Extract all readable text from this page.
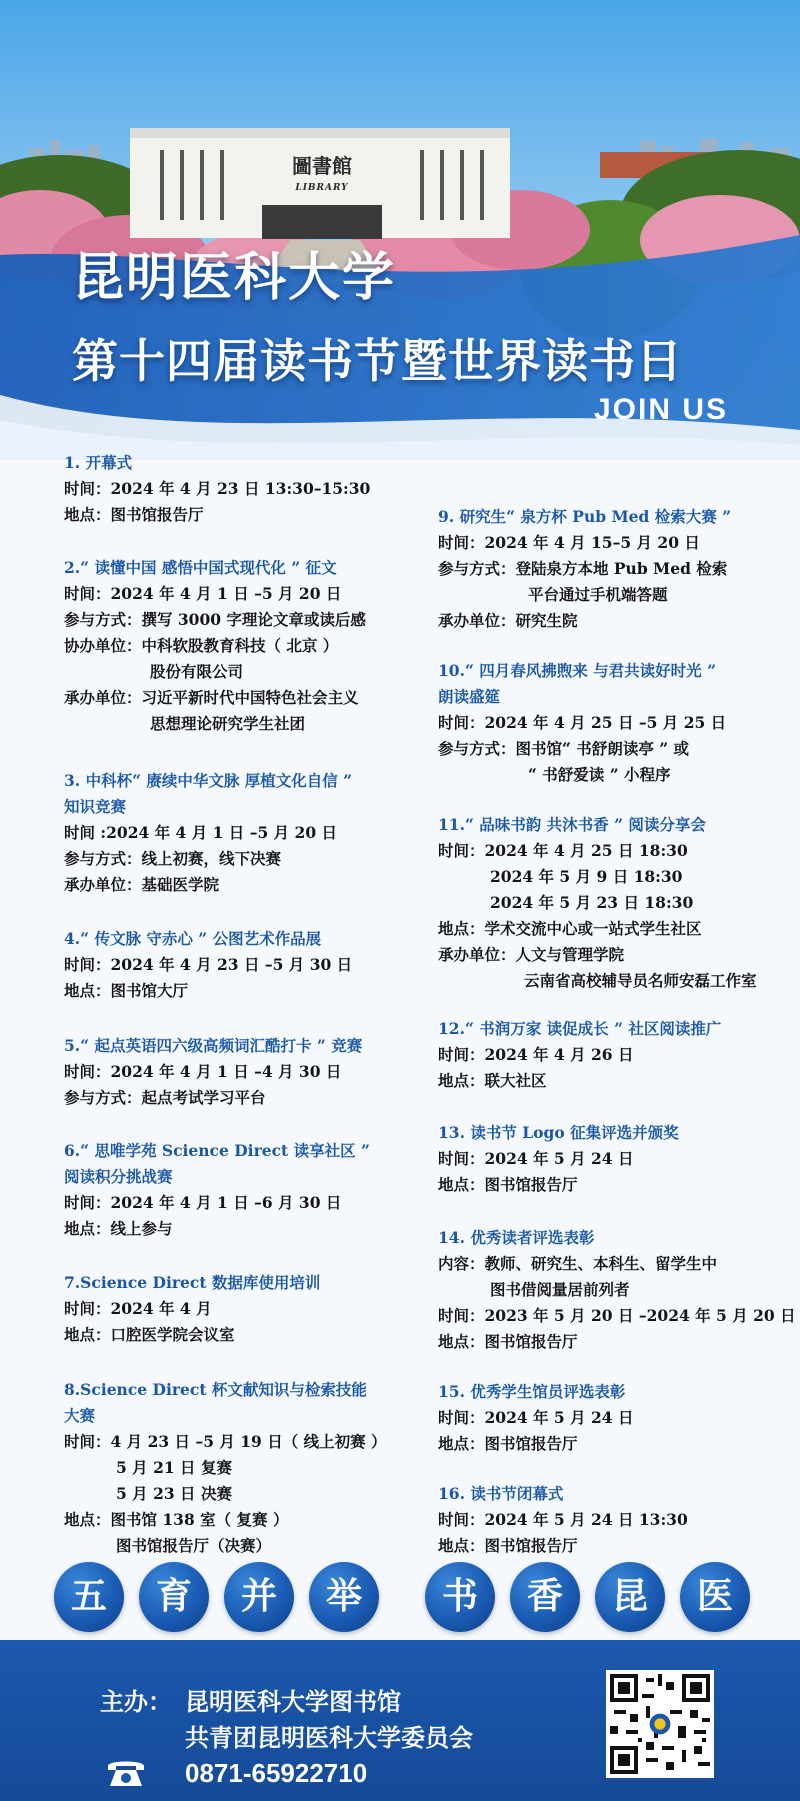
圖書館
LIBRARY
昆明医科大学
第十四届读书节暨世界读书日
JOIN US
1. 开幕式
时间：2024 年 4 月 23 日 13:30–15:30
地点：图书馆报告厅
2.“ 读懂中国 感悟中国式现代化 ” 征文
时间：2024 年 4 月 1 日 –5 月 20 日
参与方式：撰写 3000 字理论文章或读后感
协办单位：中科软股教育科技（ 北京 ）
股份有限公司
承办单位：习近平新时代中国特色社会主义
思想理论研究学生社团
3. 中科杯“ 赓续中华文脉 厚植文化自信 ”
知识竞赛
时间 :2024 年 4 月 1 日 –5 月 20 日
参与方式：线上初赛，线下决赛
承办单位：基础医学院
4.“ 传文脉 守赤心 ” 公图艺术作品展
时间：2024 年 4 月 23 日 –5 月 30 日
地点：图书馆大厅
5.“ 起点英语四六级高频词汇酷打卡 ” 竞赛
时间：2024 年 4 月 1 日 –4 月 30 日
参与方式：起点考试学习平台
6.“ 思唯学苑 Science Direct 读享社区 ”
阅读积分挑战赛
时间：2024 年 4 月 1 日 –6 月 30 日
地点：线上参与
7.Science Direct 数据库使用培训
时间：2024 年 4 月
地点：口腔医学院会议室
8.Science Direct 杯文献知识与检索技能
大赛
时间：4 月 23 日 –5 月 19 日（ 线上初赛 ）
5 月 21 日 复赛
5 月 23 日 决赛
地点：图书馆 138 室（ 复赛 ）
图书馆报告厅（决赛）
9. 研究生“ 泉方杯 Pub Med 检索大赛 ”
时间：2024 年 4 月 15–5 月 20 日
参与方式：登陆泉方本地 Pub Med 检索
平台通过手机端答题
承办单位：研究生院
10.“ 四月春风拂煦来 与君共读好时光 ”
朗读盛筵
时间：2024 年 4 月 25 日 –5 月 25 日
参与方式：图书馆“ 书舒朗读亭 ” 或
“ 书舒爱读 ” 小程序
11.“ 品味书韵 共沐书香 ” 阅读分享会
时间：2024 年 4 月 25 日 18:30
2024 年 5 月 9 日 18:30
2024 年 5 月 23 日 18:30
地点：学术交流中心或一站式学生社区
承办单位：人文与管理学院
云南省高校辅导员名师安磊工作室
12.“ 书润万家 读促成长 ” 社区阅读推广
时间：2024 年 4 月 26 日
地点：联大社区
13. 读书节 Logo 征集评选并颁奖
时间：2024 年 5 月 24 日
地点：图书馆报告厅
14. 优秀读者评选表彰
内容：教师、研究生、本科生、留学生中
图书借阅量居前列者
时间：2023 年 5 月 20 日 –2024 年 5 月 20 日
地点：图书馆报告厅
15. 优秀学生馆员评选表彰
时间：2024 年 5 月 24 日
地点：图书馆报告厅
16. 读书节闭幕式
时间：2024 年 5 月 24 日 13:30
地点：图书馆报告厅
五	育	并	举	书	香	昆	医
主办： 昆明医科大学图书馆
共青团昆明医科大学委员会
0871-65922710
